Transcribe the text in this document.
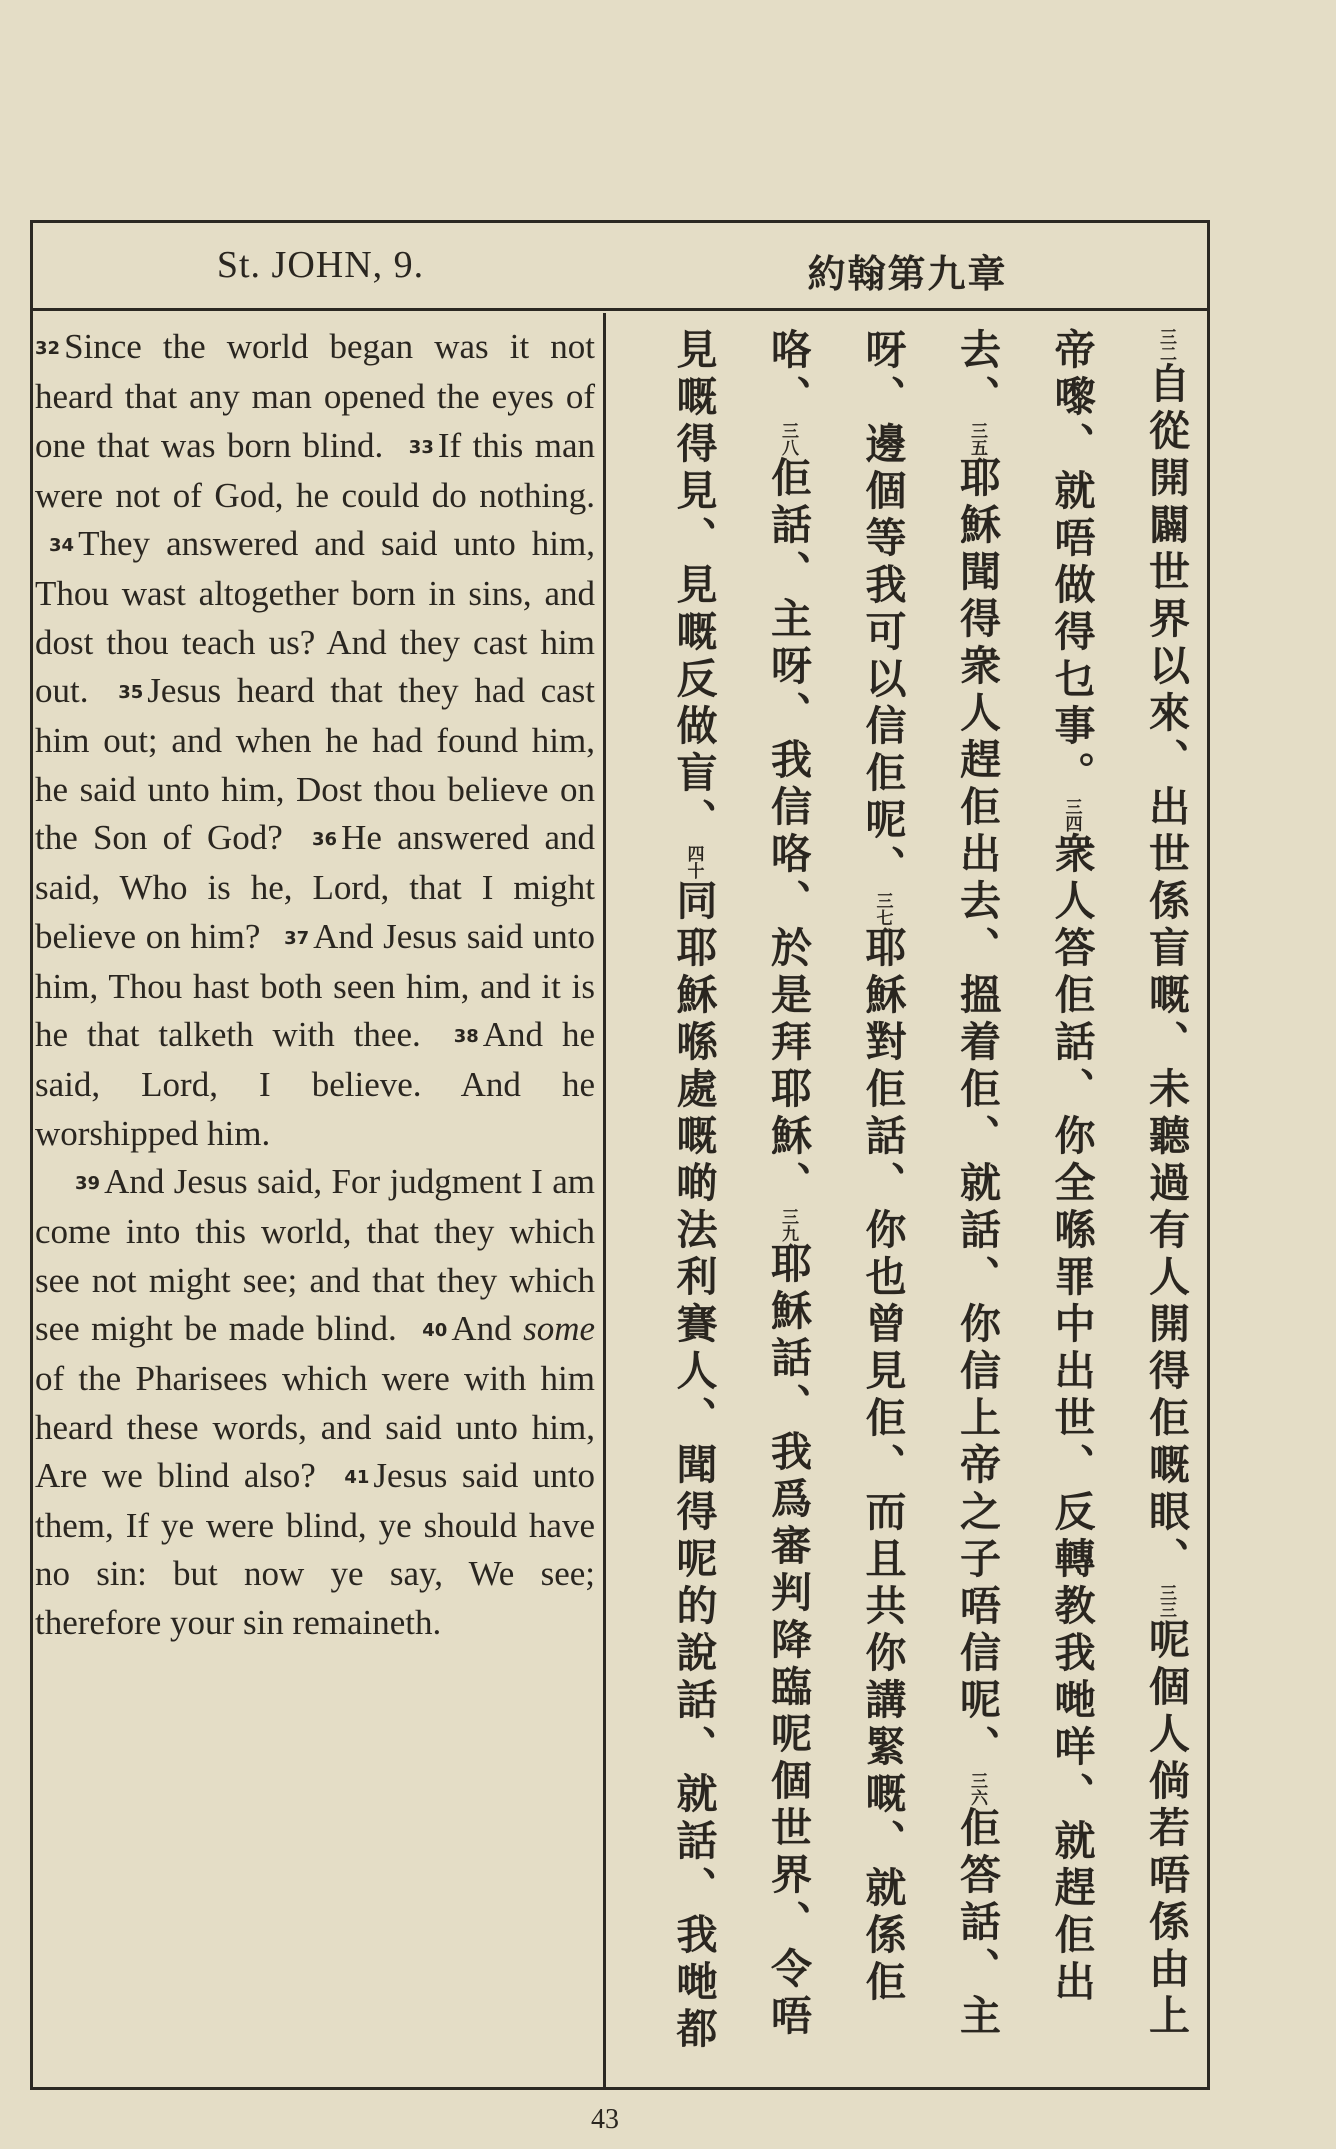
St. JOHN, 9.	約翰第九章
32 Since the world began was it not heard that any man opened the eyes of one that was born blind. 33 If this man were not of God, he could do nothing. 34 They answered and said unto him, Thou wast altogether born in sins, and dost thou teach us? And they cast him out. 35 Jesus heard that they had cast him out; and when he had found him, he said unto him, Dost thou believe on the Son of God? 36 He answered and said, Who is he, Lord, that I might believe on him? 37 And Jesus said unto him, Thou hast both seen him, and it is he that talketh with thee. 38 And he said, Lord, I believe. And he worshipped him.
39 And Jesus said, For judgment I am come into this world, that they which see not might see; and that they which see might be made blind. 40 And some of the Pharisees which were with him heard these words, and said unto him, Are we blind also? 41 Jesus said unto them, If ye were blind, ye should have no sin: but now ye say, We see; therefore your sin remaineth.
三二自從開闢世界以來、出世係盲嘅、未聽過有人開得佢嘅眼、三三呢個人倘若唔係由上帝嚟、就唔做得乜事。三四衆人答佢話、你全喺罪中出世、反轉教我哋咩、就趕佢出去、三五耶穌聞得衆人趕佢出去、搵着佢、就話、你信上帝之子唔信呢、三六佢答話、主呀、邊個等我可以信佢呢、三七耶穌對佢話、你也曾見佢、而且共你講緊嘅、就係佢咯、三八佢話、主呀、我信咯、於是拜耶穌、三九耶穌話、我爲審判降臨呢個世界、令唔見嘅得見、見嘅反做盲、四十同耶穌喺處嘅啲法利賽人、聞得呢的說話、就話、我哋都
43
